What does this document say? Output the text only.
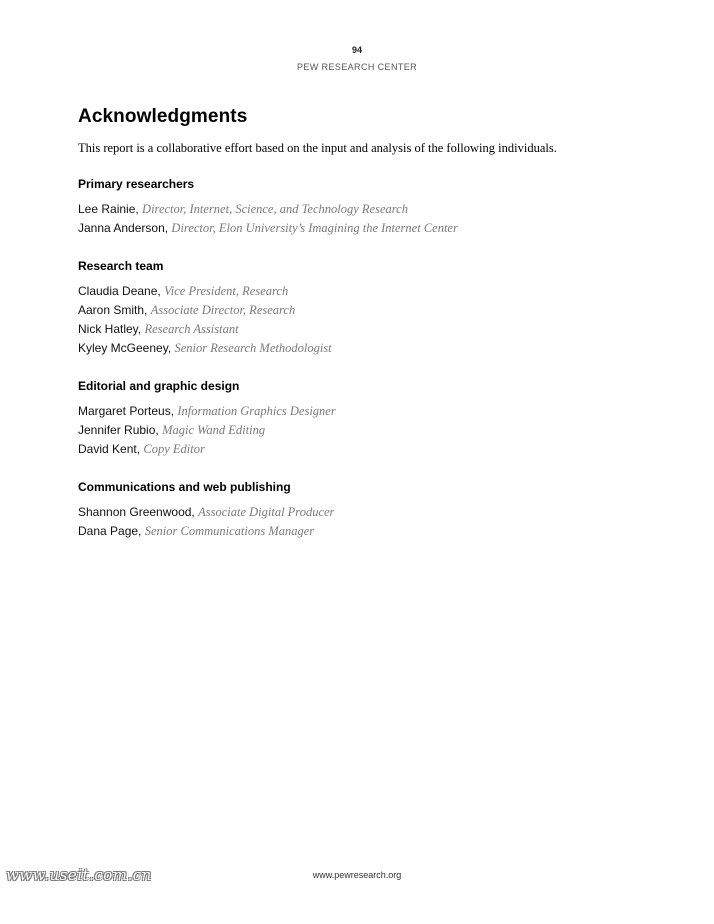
94
PEW RESEARCH CENTER
Acknowledgments

This report is a collaborative effort based on the input and analysis of the following individuals.

Primary researchers
Lee Rainie, Director, Internet, Science, and Technology Research
Janna Anderson, Director, Elon University’s Imagining the Internet Center
Research team
Claudia Deane, Vice President, Research
Aaron Smith, Associate Director, Research
Nick Hatley, Research Assistant
Kyley McGeeney, Senior Research Methodologist
Editorial and graphic design
Margaret Porteus, Information Graphics Designer
Jennifer Rubio, Magic Wand Editing
David Kent, Copy Editor
Communications and web publishing
Shannon Greenwood, Associate Digital Producer
Dana Page, Senior Communications Manager
www.pewresearch.org
www.useit.com.cn
